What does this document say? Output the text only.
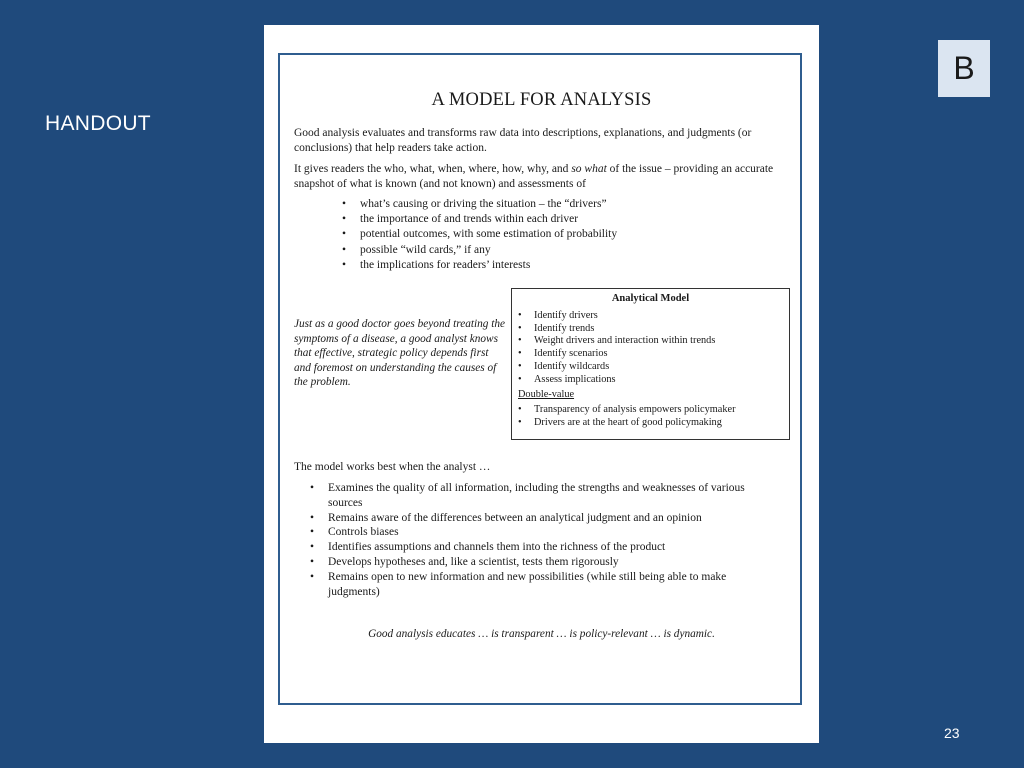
HANDOUT
B
23
A MODEL FOR ANALYSIS
Good analysis evaluates and transforms raw data into descriptions, explanations, and judgments (or conclusions) that help readers take action.
It gives readers the who, what, when, where, how, why, and so what of the issue – providing an accurate snapshot of what is known (and not known) and assessments of
• what’s causing or driving the situation – the “drivers”
• the importance of and trends within each driver
• potential outcomes, with some estimation of probability
• possible “wild cards,” if any
• the implications for readers’ interests
Just as a good doctor goes beyond treating the symptoms of a disease, a good analyst knows that effective, strategic policy depends first and foremost on understanding the causes of the problem.
Analytical Model
• Identify drivers
• Identify trends
• Weight drivers and interaction within trends
• Identify scenarios
• Identify wildcards
• Assess implications
Double-value
• Transparency of analysis empowers policymaker
• Drivers are at the heart of good policymaking
The model works best when the analyst …
• Examines the quality of all information, including the strengths and weaknesses of various sources
• Remains aware of the differences between an analytical judgment and an opinion
• Controls biases
• Identifies assumptions and channels them into the richness of the product
• Develops hypotheses and, like a scientist, tests them rigorously
• Remains open to new information and new possibilities (while still being able to make judgments)
Good analysis educates … is transparent … is policy-relevant … is dynamic.
